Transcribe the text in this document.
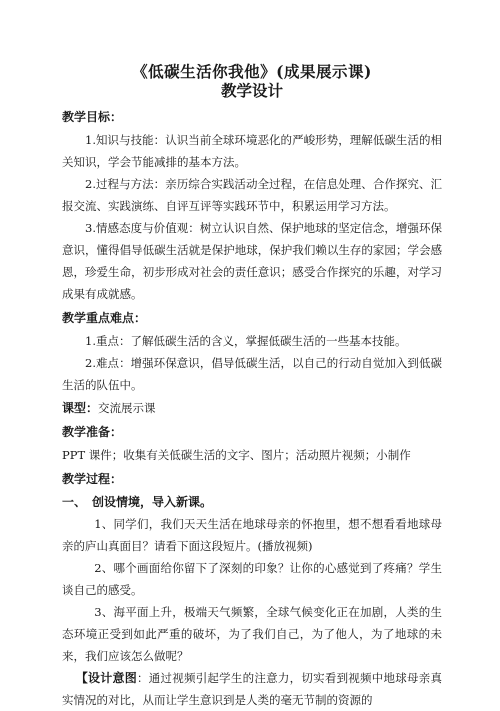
《低碳生活你我他》(成果展示课)
教学设计
教学目标：

1.知识与技能：认识当前全球环境恶化的严峻形势，理解低碳生活的相关知识，学会节能减排的基本方法。

2.过程与方法：亲历综合实践活动全过程，在信息处理、合作探究、汇报交流、实践演练、自评互评等实践环节中，积累运用学习方法。

3.情感态度与价值观：树立认识自然、保护地球的坚定信念，增强环保意识，懂得倡导低碳生活就是保护地球，保护我们赖以生存的家园；学会感恩，珍爱生命，初步形成对社会的责任意识；感受合作探究的乐趣，对学习成果有成就感。

教学重点难点：

1.重点：了解低碳生活的含义，掌握低碳生活的一些基本技能。

2.难点：增强环保意识，倡导低碳生活，以自己的行动自觉加入到低碳生活的队伍中。

课型：交流展示课
教学准备：

PPT 课件；收集有关低碳生活的文字、图片；活动照片视频；小制作

教学过程：
一、 创设情境，导入新课。

1、同学们，我们天天生活在地球母亲的怀抱里，想不想看看地球母亲的庐山真面目？请看下面这段短片。(播放视频)

2、哪个画面给你留下了深刻的印象？让你的心感觉到了疼痛？学生谈自己的感受。

3、海平面上升，极端天气频繁，全球气候变化正在加剧，人类的生态环境正受到如此严重的破坏，为了我们自己，为了他人，为了地球的未来，我们应该怎么做呢？

【设计意图：通过视频引起学生的注意力，切实看到视频中地球母亲真实情况的对比，从而让学生意识到是人类的毫无节制的资源的
